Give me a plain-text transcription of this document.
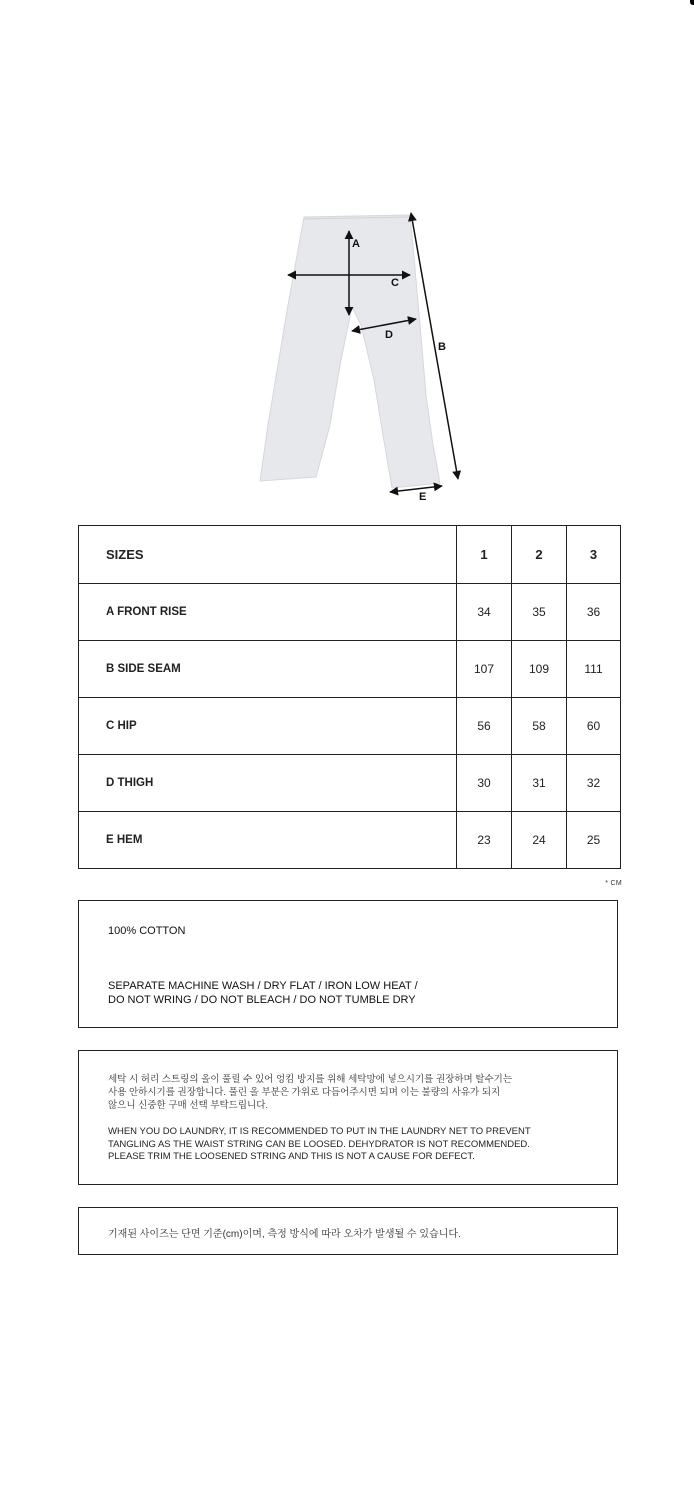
A
C
D
B
E
SIZES	1	2	3
A FRONT RISE	34	35	36
B SIDE SEAM	107	109	111
C HIP	56	58	60
D THIGH	30	31	32
E HEM	23	24	25
* CM
100% COTTON
SEPARATE MACHINE WASH / DRY FLAT / IRON LOW HEAT /
DO NOT WRING / DO NOT BLEACH / DO NOT TUMBLE DRY
세탁 시 허리 스트링의 올이 풀릴 수 있어 엉킴 방지를 위해 세탁망에 넣으시기를 권장하며 탈수기는
사용 안하시기를 권장합니다. 풀린 올 부분은 가위로 다듬어주시면 되며 이는 불량의 사유가 되지
않으니 신중한 구매 선택 부탁드립니다.
WHEN YOU DO LAUNDRY, IT IS RECOMMENDED TO PUT IN THE LAUNDRY NET TO PREVENT
TANGLING AS THE WAIST STRING CAN BE LOOSED. DEHYDRATOR IS NOT RECOMMENDED.
PLEASE TRIM THE LOOSENED STRING AND THIS IS NOT A CAUSE FOR DEFECT.
기재된 사이즈는 단면 기준(cm)이며, 측정 방식에 따라 오차가 발생될 수 있습니다.
